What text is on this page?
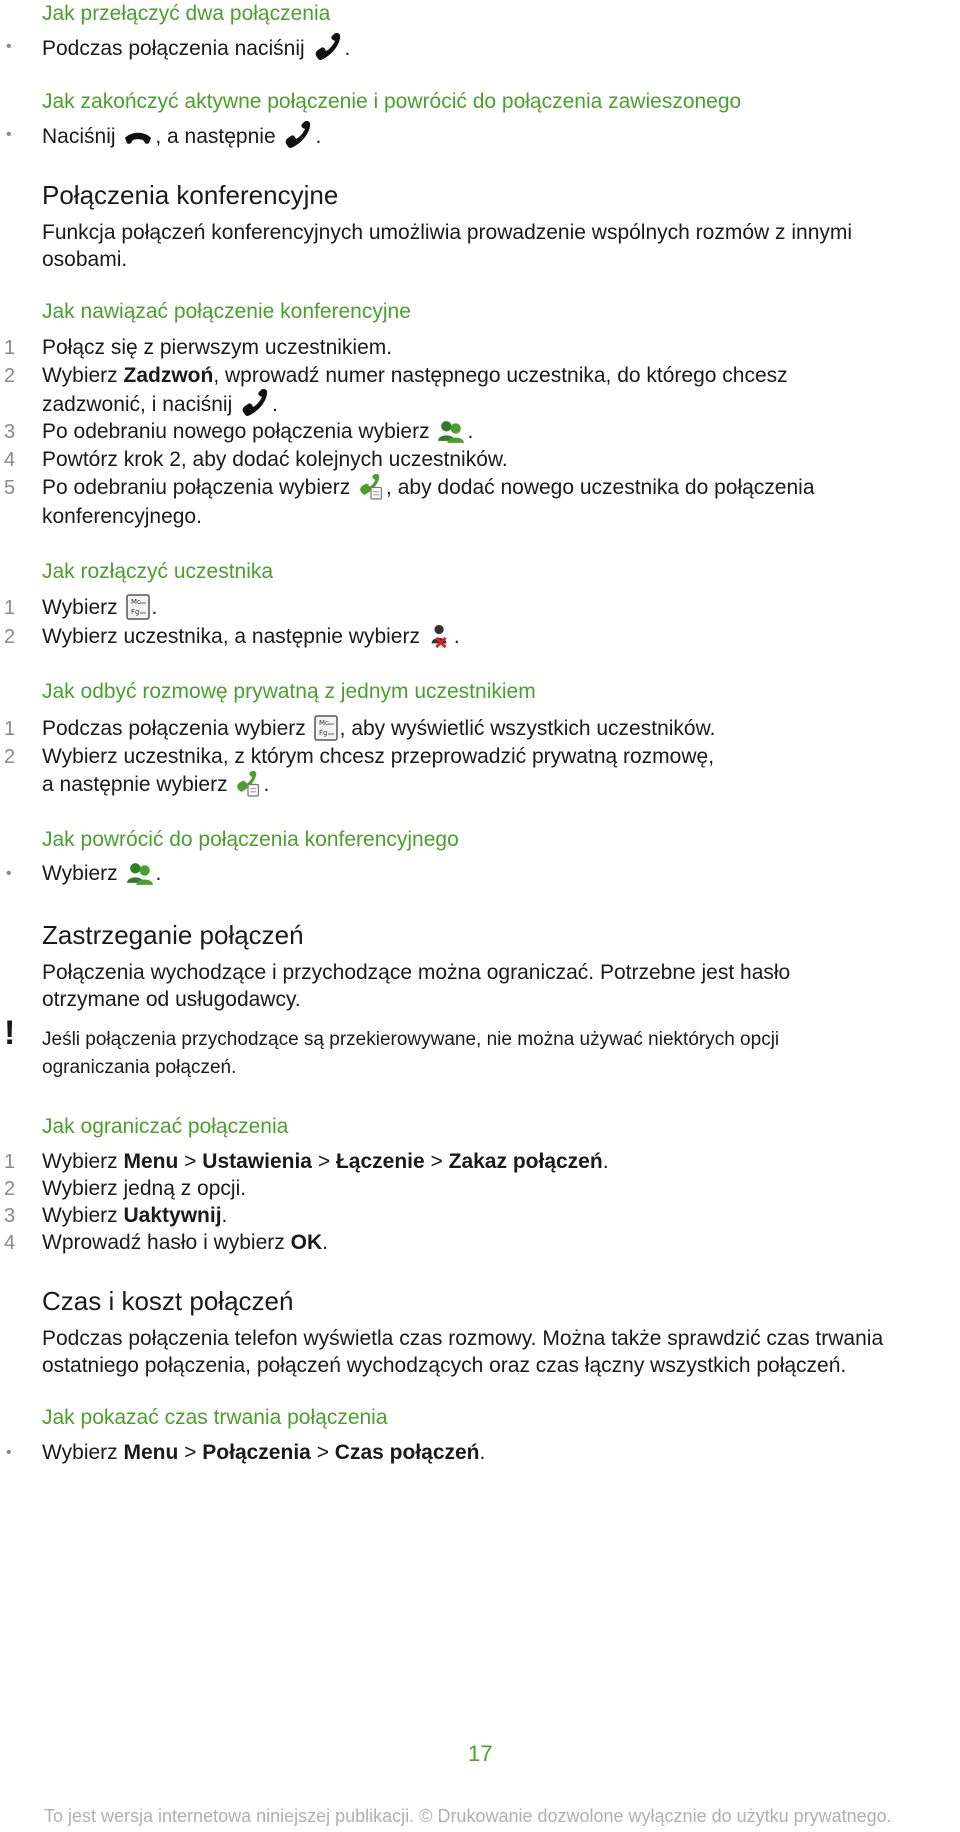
Jak przełączyć dwa połączenia
• Podczas połączenia naciśnij .
Jak zakończyć aktywne połączenie i powrócić do połączenia zawieszonego
• Naciśnij , a następnie .
Połączenia konferencyjne
Funkcja połączeń konferencyjnych umożliwia prowadzenie wspólnych rozmów z innymi
osobami.
Jak nawiązać połączenie konferencyjne
1 Połącz się z pierwszym uczestnikiem.
2 Wybierz Zadzwoń, wprowadź numer następnego uczestnika, do którego chcesz
zadzwonić, i naciśnij .
3 Po odebraniu nowego połączenia wybierz .
4 Powtórz krok 2, aby dodać kolejnych uczestników.
5 Po odebraniu połączenia wybierz , aby dodać nowego uczestnika do połączenia
konferencyjnego.
Jak rozłączyć uczestnika
1 Wybierz .
2 Wybierz uczestnika, a następnie wybierz .
Jak odbyć rozmowę prywatną z jednym uczestnikiem
1 Podczas połączenia wybierz , aby wyświetlić wszystkich uczestników.
2 Wybierz uczestnika, z którym chcesz przeprowadzić prywatną rozmowę,
a następnie wybierz .
Jak powrócić do połączenia konferencyjnego
• Wybierz .
Zastrzeganie połączeń
Połączenia wychodzące i przychodzące można ograniczać. Potrzebne jest hasło
otrzymane od usługodawcy.
! Jeśli połączenia przychodzące są przekierowywane, nie można używać niektórych opcji
ograniczania połączeń.
Jak ograniczać połączenia
1 Wybierz Menu > Ustawienia > Łączenie > Zakaz połączeń.
2 Wybierz jedną z opcji.
3 Wybierz Uaktywnij.
4 Wprowadź hasło i wybierz OK.
Czas i koszt połączeń
Podczas połączenia telefon wyświetla czas rozmowy. Można także sprawdzić czas trwania
ostatniego połączenia, połączeń wychodzących oraz czas łączny wszystkich połączeń.
Jak pokazać czas trwania połączenia
• Wybierz Menu > Połączenia > Czas połączeń.
17
To jest wersja internetowa niniejszej publikacji. © Drukowanie dozwolone wyłącznie do użytku prywatnego.
